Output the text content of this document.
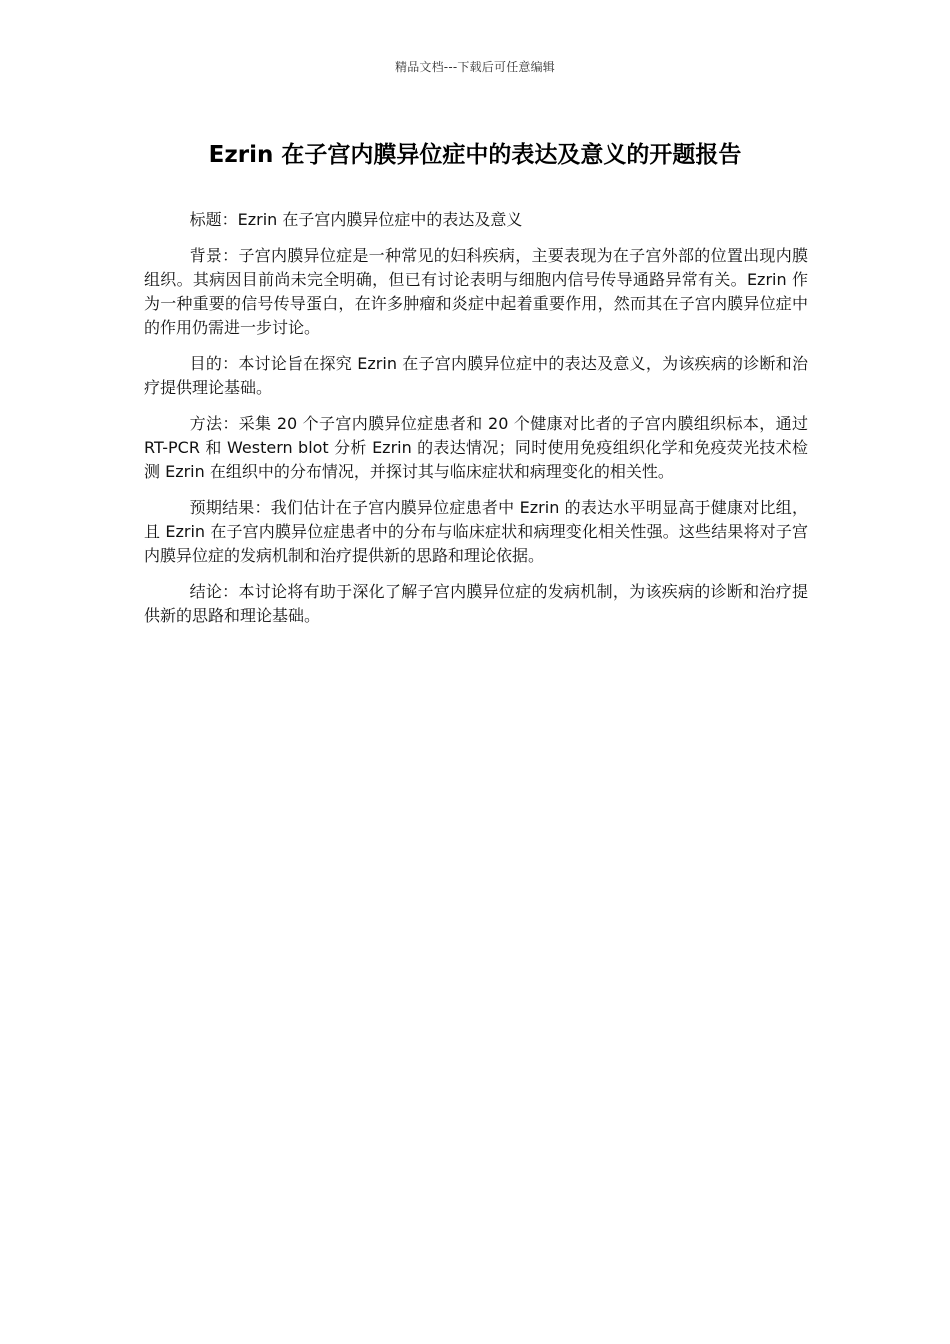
精品文档---下载后可任意编辑
Ezrin 在子宫内膜异位症中的表达及意义的开题报告

标题：Ezrin 在子宫内膜异位症中的表达及意义

背景：子宫内膜异位症是一种常见的妇科疾病，主要表现为在子宫外部的位置出现内膜组织。其病因目前尚未完全明确，但已有讨论表明与细胞内信号传导通路异常有关。Ezrin 作为一种重要的信号传导蛋白，在许多肿瘤和炎症中起着重要作用，然而其在子宫内膜异位症中的作用仍需进一步讨论。

目的：本讨论旨在探究 Ezrin 在子宫内膜异位症中的表达及意义，为该疾病的诊断和治疗提供理论基础。

方法：采集 20 个子宫内膜异位症患者和 20 个健康对比者的子宫内膜组织标本，通过 RT-PCR 和 Western blot 分析 Ezrin 的表达情况；同时使用免疫组织化学和免疫荧光技术检测 Ezrin 在组织中的分布情况，并探讨其与临床症状和病理变化的相关性。

预期结果：我们估计在子宫内膜异位症患者中 Ezrin 的表达水平明显高于健康对比组，且 Ezrin 在子宫内膜异位症患者中的分布与临床症状和病理变化相关性强。这些结果将对子宫内膜异位症的发病机制和治疗提供新的思路和理论依据。

结论：本讨论将有助于深化了解子宫内膜异位症的发病机制，为该疾病的诊断和治疗提供新的思路和理论基础。
